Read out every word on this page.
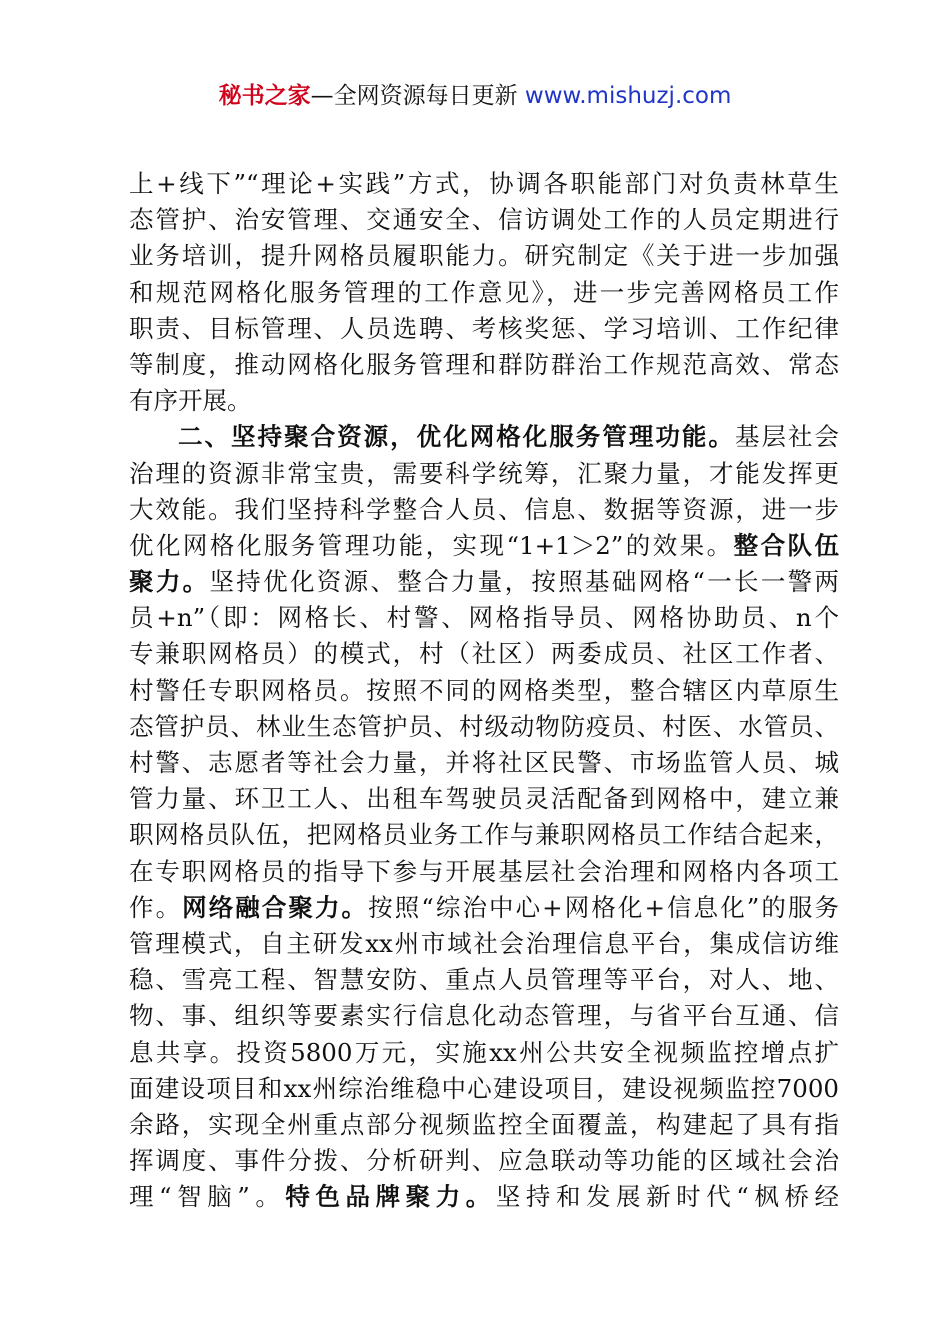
秘书之家—全网资源每日更新 www.mishuzj.com
上+线下”“理论+实践”方式，协调各职能部门对负责林草生
态管护、治安管理、交通安全、信访调处工作的人员定期进行
业务培训，提升网格员履职能力。研究制定《关于进一步加强
和规范网格化服务管理的工作意见》，进一步完善网格员工作
职责、目标管理、人员选聘、考核奖惩、学习培训、工作纪律
等制度，推动网格化服务管理和群防群治工作规范高效、常态
有序开展。
二、坚持聚合资源，优化网格化服务管理功能。基层社会
治理的资源非常宝贵，需要科学统筹，汇聚力量，才能发挥更
大效能。我们坚持科学整合人员、信息、数据等资源，进一步
优化网格化服务管理功能，实现“1+1＞2”的效果。整合队伍
聚力。坚持优化资源、整合力量，按照基础网格“一长一警两
员+n”（即：网格长、村警、网格指导员、网格协助员、n个
专兼职网格员）的模式，村（社区）两委成员、社区工作者、
村警任专职网格员。按照不同的网格类型，整合辖区内草原生
态管护员、林业生态管护员、村级动物防疫员、村医、水管员、
村警、志愿者等社会力量，并将社区民警、市场监管人员、城
管力量、环卫工人、出租车驾驶员灵活配备到网格中，建立兼
职网格员队伍，把网格员业务工作与兼职网格员工作结合起来，
在专职网格员的指导下参与开展基层社会治理和网格内各项工
作。网络融合聚力。按照“综治中心+网格化+信息化”的服务
管理模式，自主研发xx州市域社会治理信息平台，集成信访维
稳、雪亮工程、智慧安防、重点人员管理等平台，对人、地、
物、事、组织等要素实行信息化动态管理，与省平台互通、信
息共享。投资5800万元，实施xx州公共安全视频监控增点扩
面建设项目和xx州综治维稳中心建设项目，建设视频监控7000
余路，实现全州重点部分视频监控全面覆盖，构建起了具有指
挥调度、事件分拨、分析研判、应急联动等功能的区域社会治
理“智脑”。特色品牌聚力。坚持和发展新时代“枫桥经
